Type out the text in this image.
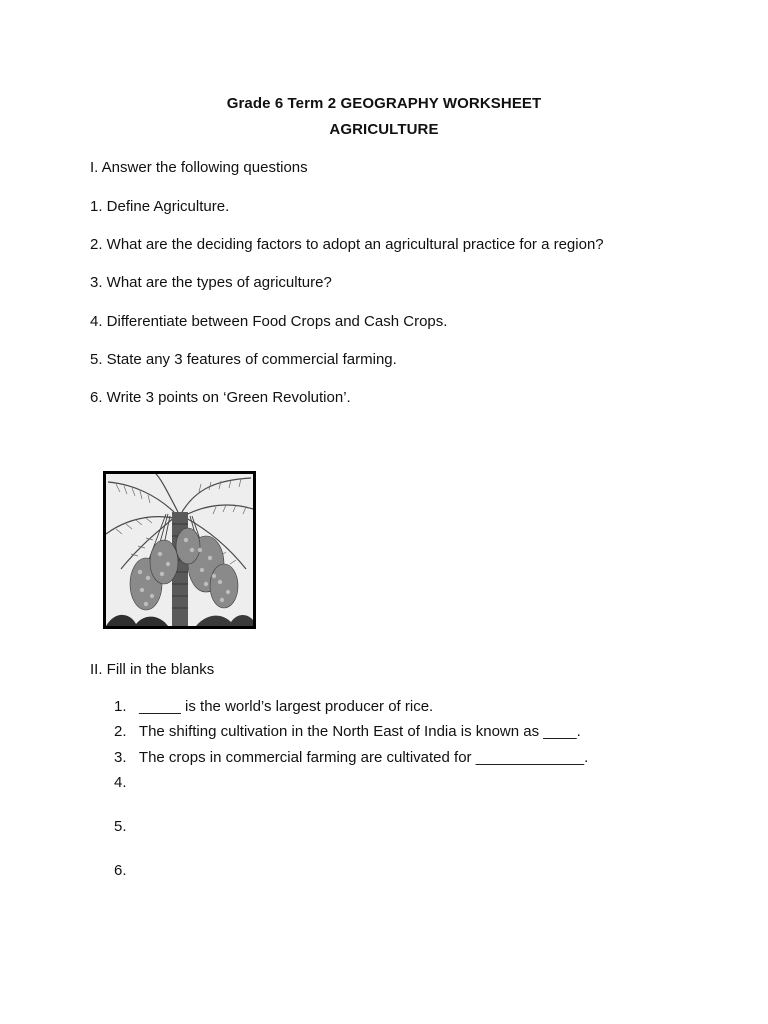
Grade 6 Term 2 GEOGRAPHY WORKSHEET
AGRICULTURE
I. Answer the following questions
1. Define Agriculture.
2. What are the deciding factors to adopt an agricultural practice for a region?
3. What are the types of agriculture?
4. Differentiate between Food Crops and Cash Crops.
5. State any 3 features of commercial farming.
6. Write 3 points on ‘Green Revolution’.
II. Fill in the blanks
1. _____ is the world’s largest producer of rice.
2. The shifting cultivation in the North East of India is known as ____.
3. The crops in commercial farming are cultivated for _____________.
4.
5.
6.
